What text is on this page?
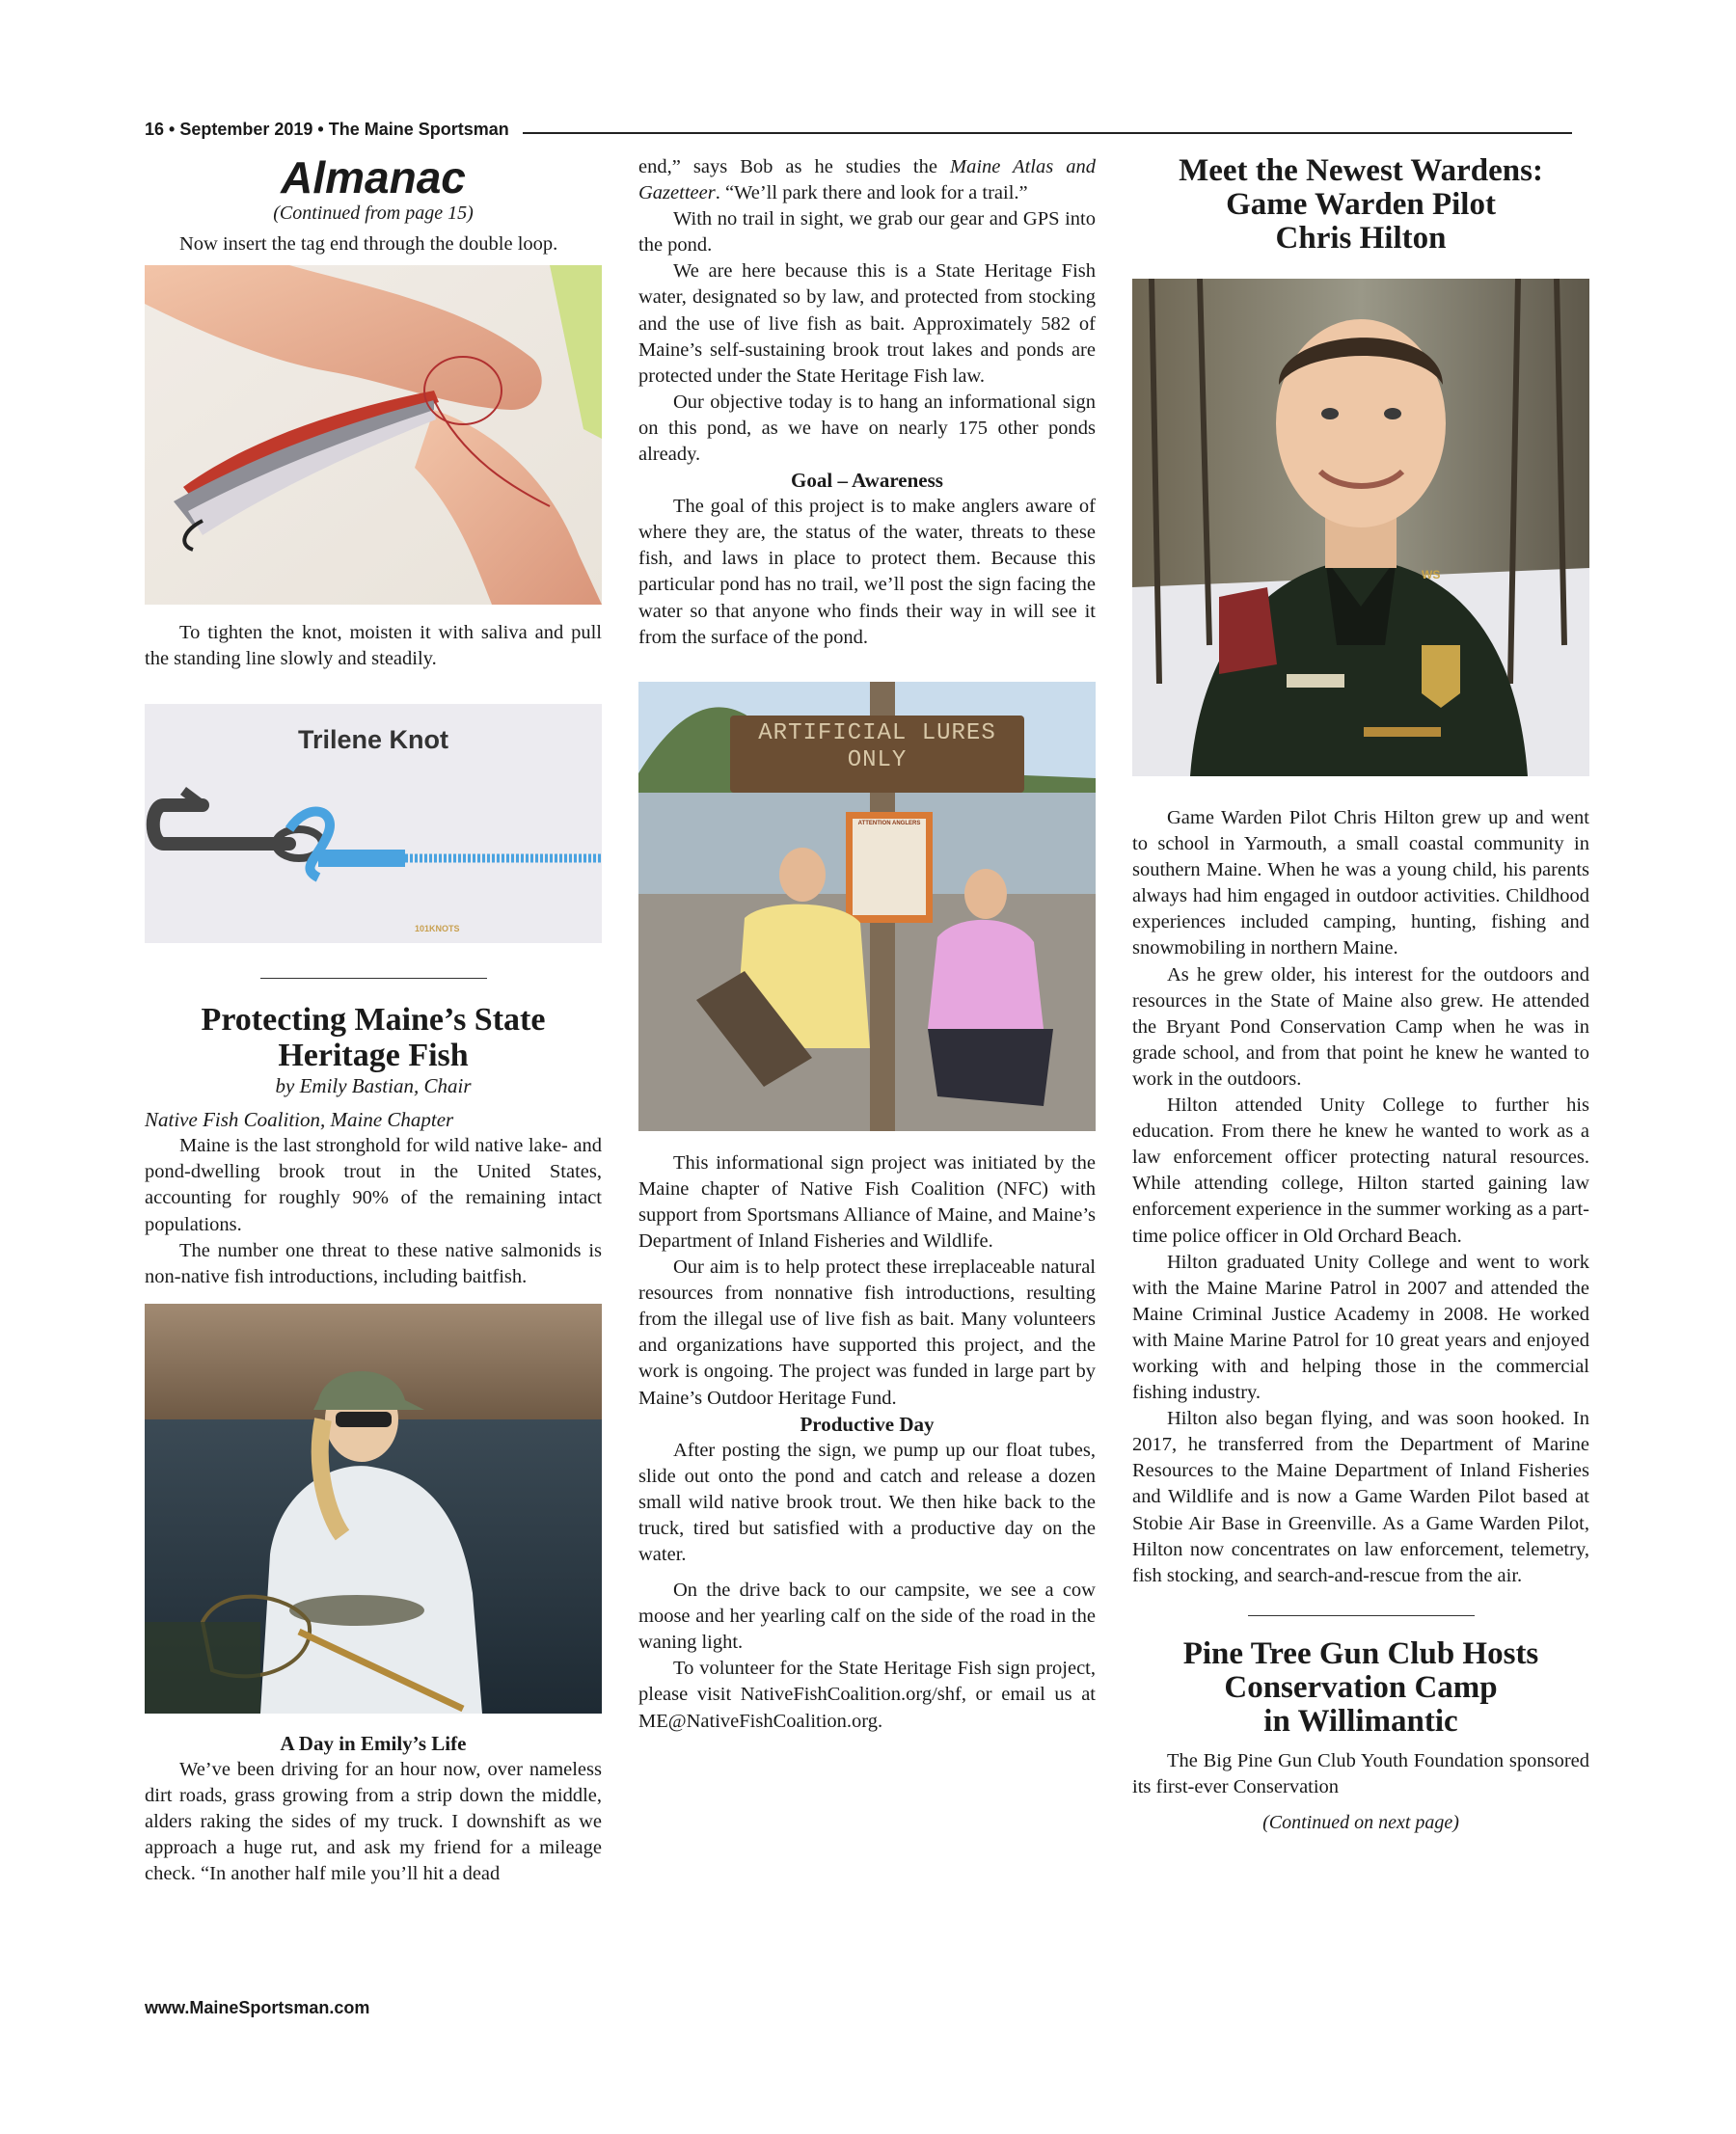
16 • September 2019 • The Maine Sportsman
Almanac
(Continued from page 15)

Now insert the tag end through the double loop.

To tighten the knot, moisten it with saliva and pull the standing line slowly and steadily.

Trilene Knot
101KNOTS
Protecting Maine’s State
Heritage Fish
by Emily Bastian, Chair
Native Fish Coalition, Maine Chapter

Maine is the last stronghold for wild native lake- and pond-dwelling brook trout in the United States, accounting for roughly 90% of the remaining intact populations.

The number one threat to these native salmonids is non-native fish introductions, including baitfish.

A Day in Emily’s Life

We’ve been driving for an hour now, over nameless dirt roads, grass growing from a strip down the middle, alders raking the sides of my truck. I downshift as we approach a huge rut, and ask my friend for a mileage check. “In another half mile you’ll hit a dead

end,” says Bob as he studies the Maine Atlas and Gazetteer. “We’ll park there and look for a trail.”

With no trail in sight, we grab our gear and GPS into the pond.

We are here because this is a State Heritage Fish water, designated so by law, and protected from stocking and the use of live fish as bait. Approximately 582 of Maine’s self-sustaining brook trout lakes and ponds are protected under the State Heritage Fish law.

Our objective today is to hang an informational sign on this pond, as we have on nearly 175 other ponds already.

Goal – Awareness

The goal of this project is to make anglers aware of where they are, the status of the water, threats to these fish, and laws in place to protect them. Because this particular pond has no trail, we’ll post the sign facing the water so that anyone who finds their way in will see it from the surface of the pond.

ARTIFICIAL LURES
ONLY
ATTENTION ANGLERS

This informational sign project was initiated by the Maine chapter of Native Fish Coalition (NFC) with support from Sportsmans Alliance of Maine, and Maine’s Department of Inland Fisheries and Wildlife.

Our aim is to help protect these irreplaceable natural resources from nonnative fish introductions, resulting from the illegal use of live fish as bait. Many volunteers and organizations have supported this project, and the work is ongoing. The project was funded in large part by Maine’s Outdoor Heritage Fund.

Productive Day

After posting the sign, we pump up our float tubes, slide out onto the pond and catch and release a dozen small wild native brook trout. We then hike back to the truck, tired but satisfied with a productive day on the water.

On the drive back to our campsite, we see a cow moose and her yearling calf on the side of the road in the waning light.

To volunteer for the State Heritage Fish sign project, please visit NativeFishCoalition.org/shf, or email us at ME@NativeFishCoalition.org.

Meet the Newest Wardens:
Game Warden Pilot
Chris Hilton
WS

Game Warden Pilot Chris Hilton grew up and went to school in Yarmouth, a small coastal community in southern Maine. When he was a young child, his parents always had him engaged in outdoor activities. Childhood experiences included camping, hunting, fishing and snowmobiling in northern Maine.

As he grew older, his interest for the outdoors and resources in the State of Maine also grew. He attended the Bryant Pond Conservation Camp when he was in grade school, and from that point he knew he wanted to work in the outdoors.

Hilton attended Unity College to further his education. From there he knew he wanted to work as a law enforcement officer protecting natural resources. While attending college, Hilton started gaining law enforcement experience in the summer working as a part-time police officer in Old Orchard Beach.

Hilton graduated Unity College and went to work with the Maine Marine Patrol in 2007 and attended the Maine Criminal Justice Academy in 2008. He worked with Maine Marine Patrol for 10 great years and enjoyed working with and helping those in the commercial fishing industry.

Hilton also began flying, and was soon hooked. In 2017, he transferred from the Department of Marine Resources to the Maine Department of Inland Fisheries and Wildlife and is now a Game Warden Pilot based at Stobie Air Base in Greenville. As a Game Warden Pilot, Hilton now concentrates on law enforcement, telemetry, fish stocking, and search-and-rescue from the air.

Pine Tree Gun Club Hosts
Conservation Camp
in Willimantic

The Big Pine Gun Club Youth Foundation sponsored its first-ever Conservation

(Continued on next page)
www.MaineSportsman.com
